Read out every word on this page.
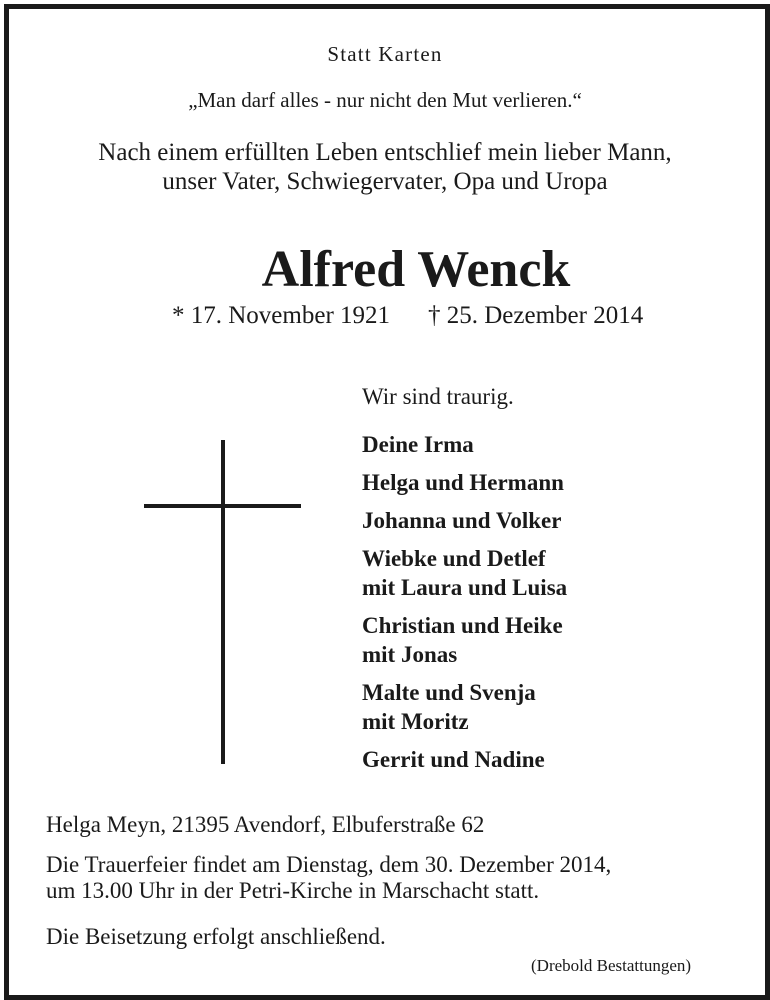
Statt Karten
„Man darf alles - nur nicht den Mut verlieren.“
Nach einem erfüllten Leben entschlief mein lieber Mann,
unser Vater, Schwiegervater, Opa und Uropa
Alfred Wenck
* 17. November 1921 † 25. Dezember 2014
Wir sind traurig.
Deine Irma
Helga und Hermann
Johanna und Volker
Wiebke und Detlef
mit Laura und Luisa
Christian und Heike
mit Jonas
Malte und Svenja
mit Moritz
Gerrit und Nadine
Helga Meyn, 21395 Avendorf, Elbuferstraße 62
Die Trauerfeier findet am Dienstag, dem 30. Dezember 2014,
um 13.00 Uhr in der Petri-Kirche in Marschacht statt.
Die Beisetzung erfolgt anschließend.
(Drebold Bestattungen)
